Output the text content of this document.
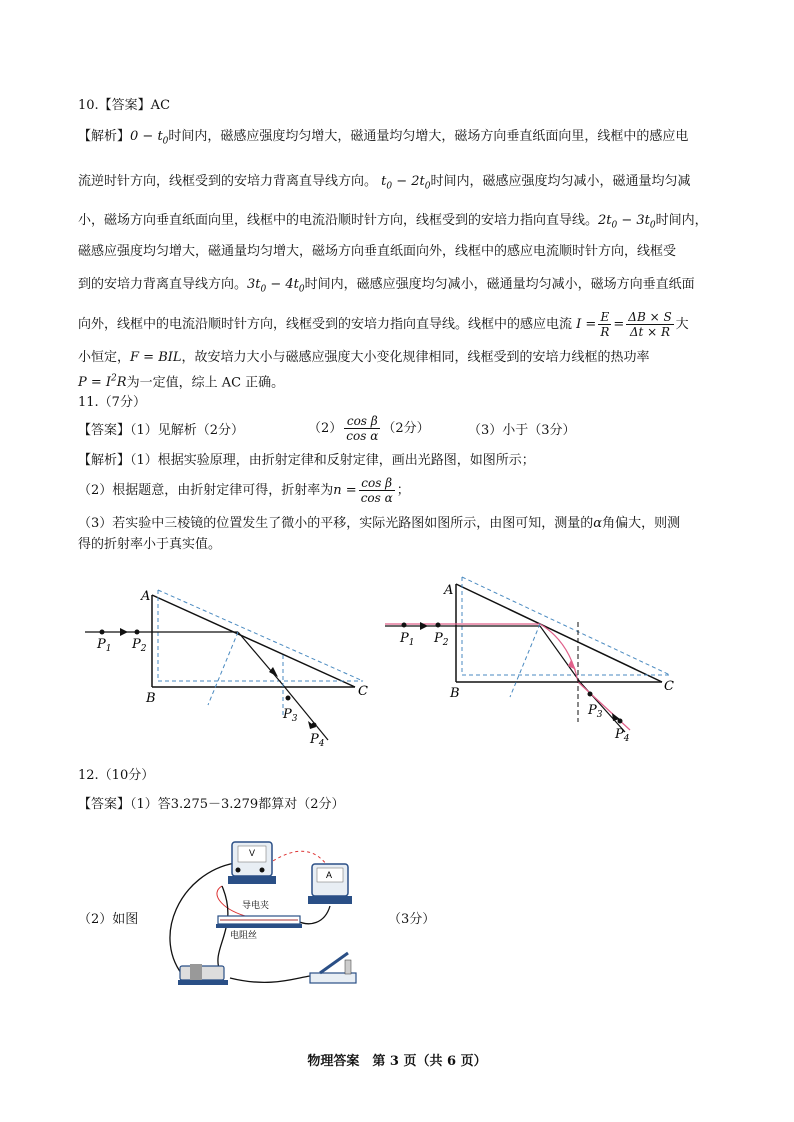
10.【答案】AC
【解析】$0 - t_0$时间内，磁感应强度均匀增大，磁通量均匀增大，磁场方向垂直纸面向里，线框中的感应电
流逆时针方向，线框受到的安培力背离直导线方向。 $t_0 - 2t_0$时间内，磁感应强度均匀减小，磁通量均匀减
小，磁场方向垂直纸面向里，线框中的电流沿顺时针方向，线框受到的安培力指向直导线。$2t_0 - 3t_0$时间内，
磁感应强度均匀增大，磁通量均匀增大，磁场方向垂直纸面向外，线框中的感应电流顺时针方向，线框受
到的安培力背离直导线方向。$3t_0 - 4t_0$时间内，磁感应强度均匀减小，磁通量均匀减小，磁场方向垂直纸面
向外，线框中的电流沿顺时针方向，线框受到的安培力指向直导线。线框中的感应电流 $I = \frac{E}{R} = \frac{\Delta B \times S}{\Delta t \times R}$ 大
小恒定，F = BIL，故安培力大小与磁感应强度大小变化规律相同，线框受到的安培力线框的热功率
$P = I^2R$为一定值，综上 AC 正确。
11.（7分）
【答案】（1）见解析（2分）	$(2) \frac{\text{cos β}}{\text{cos α}} (2$分）	（3）小于（3分）
【解析】（1）根据实验原理，由折射定律和反射定律，画出光路图，如图所示；
（2）根据题意，由折射定律可得，折射率为$n = \frac{\text{cos β}}{\text{cos α}}$ ；
（3）若实验中三棱镜的位置发生了微小的平移，实际光路图如图所示，由图可知，测量的α角偏大，则测
得的折射率小于真实值。
A
B	C
$P_1$ $P_2$
$P_3$
$P_4$
A
B	C
$P_1$ $P_2$
$P_3$
$P_4$
12.（10分）
【答案】（1）答3.275－3.279都算对（2分）
（2）如图	（3分）
V
A
导电夹
电阻丝
物理答案　第 3 页（共 6 页）
